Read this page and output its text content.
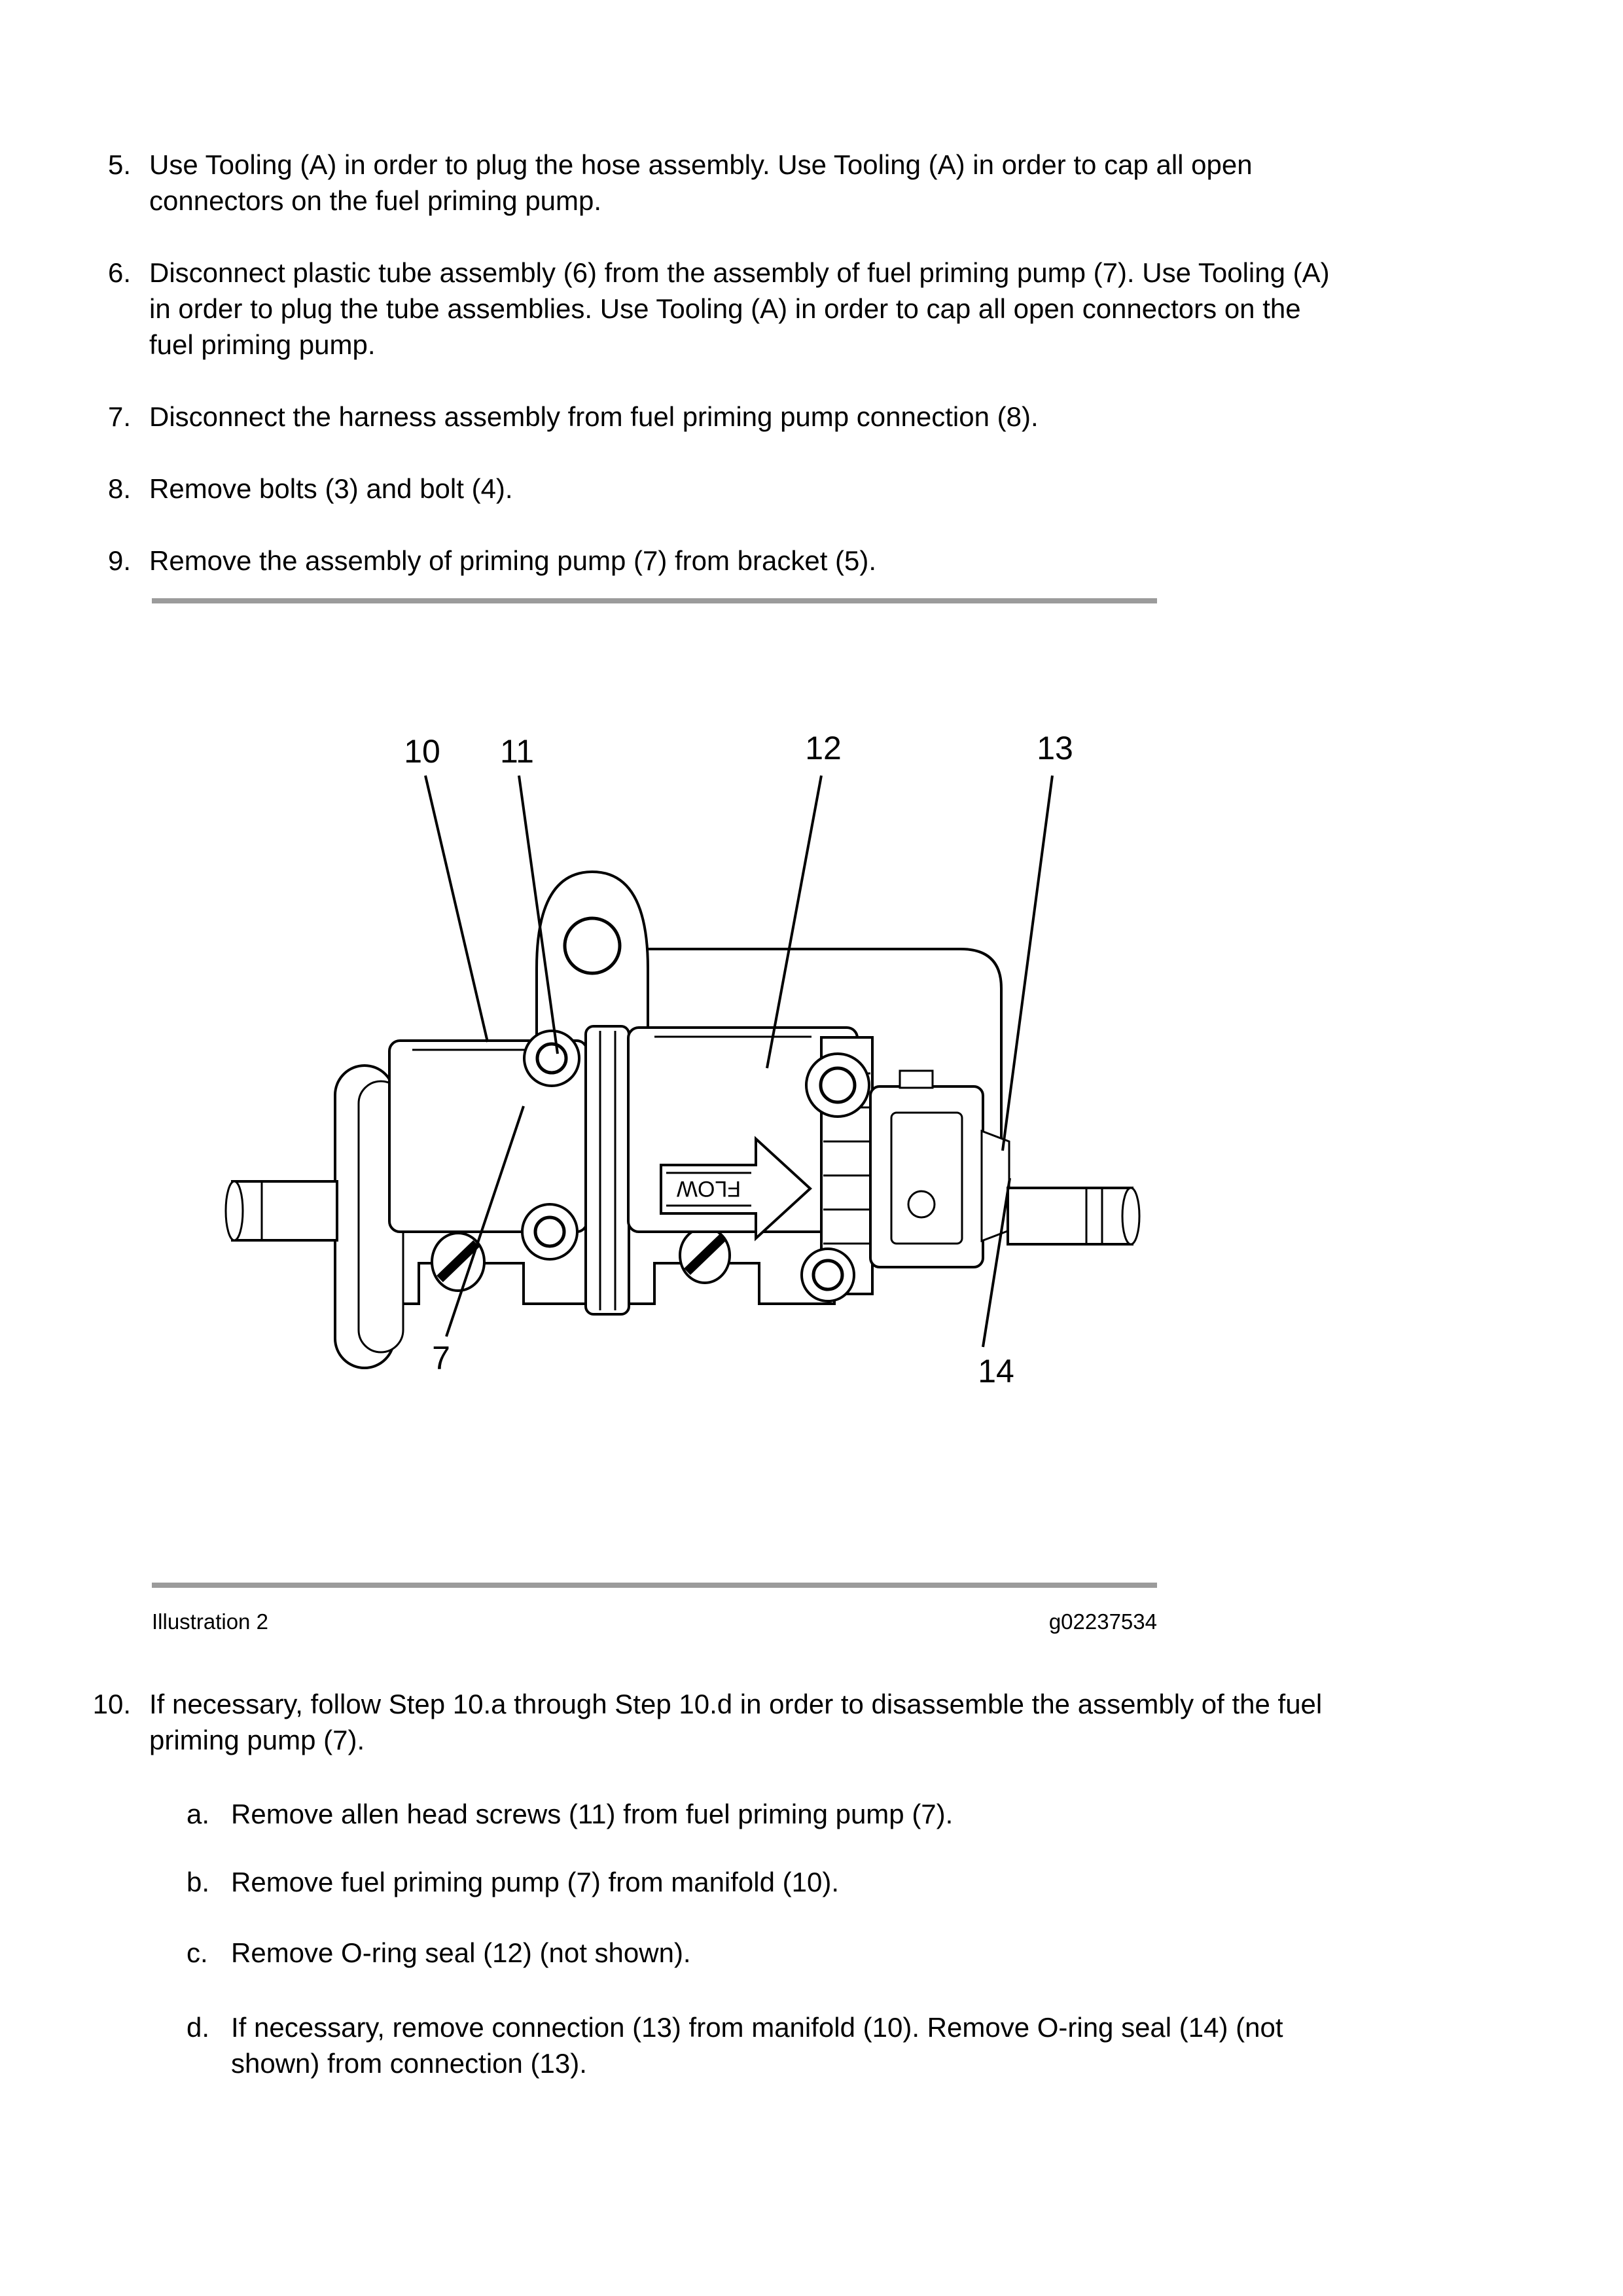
5. Use Tooling (A) in order to plug the hose assembly. Use Tooling (A) in order to cap all open
connectors on the fuel priming pump.
6. Disconnect plastic tube assembly (6) from the assembly of fuel priming pump (7). Use Tooling (A)
in order to plug the tube assemblies. Use Tooling (A) in order to cap all open connectors on the
fuel priming pump.
7. Disconnect the harness assembly from fuel priming pump connection (8).
8. Remove bolts (3) and bolt (4).
9. Remove the assembly of priming pump (7) from bracket (5).
FLOW
10 11	12	13
7	14
g02237534
Illustration 2
10. If necessary, follow Step 10.a through Step 10.d in order to disassemble the assembly of the fuel
priming pump (7).
a. Remove allen head screws (11) from fuel priming pump (7).
b. Remove fuel priming pump (7) from manifold (10).
c. Remove O-ring seal (12) (not shown).
d. If necessary, remove connection (13) from manifold (10). Remove O-ring seal (14) (not
shown) from connection (13).
